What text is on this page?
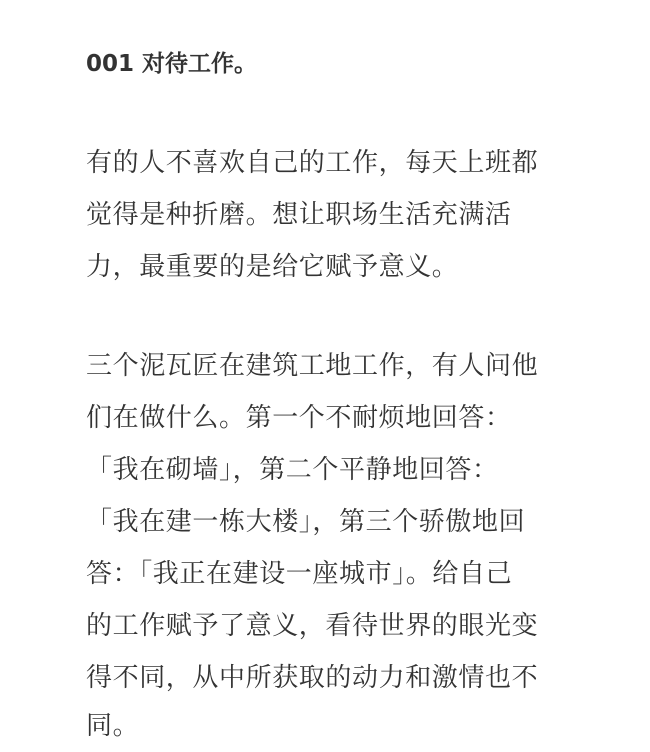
001 对待工作。
有的人不喜欢自己的工作，每天上班都
觉得是种折磨。想让职场生活充满活
力，最重要的是给它赋予意义。
三个泥瓦匠在建筑工地工作，有人问他
们在做什么。第一个不耐烦地回答：
「我在砌墙」，第二个平静地回答：
「我在建一栋大楼」，第三个骄傲地回
答：「我正在建设一座城市」。给自己
的工作赋予了意义，看待世界的眼光变
得不同，从中所获取的动力和激情也不
同。
